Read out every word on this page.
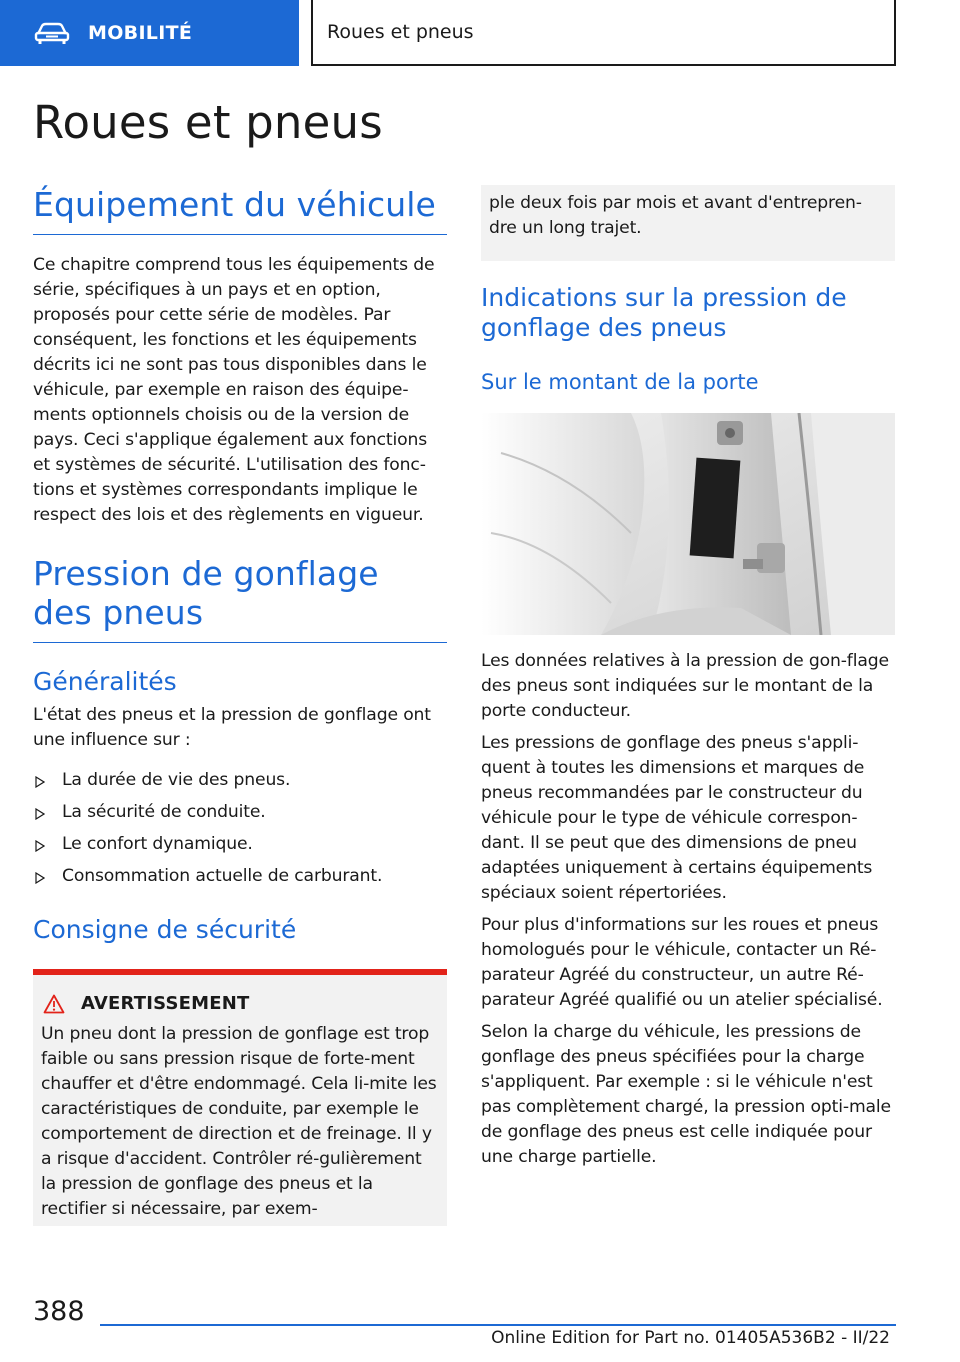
MOBILITÉ	Roues et pneus
Roues et pneus
Équipement du véhicule

Ce chapitre comprend tous les équipements de série, spécifiques à un pays et en option, proposés pour cette série de modèles. Par conséquent, les fonctions et les équipements décrits ici ne sont pas tous disponibles dans le véhicule, par exemple en raison des équipe-ments optionnels choisis ou de la version de pays. Ceci s'applique également aux fonctions et systèmes de sécurité. L'utilisation des fonc-tions et systèmes correspondants implique le respect des lois et des règlements en vigueur.

Pression de gonflage des pneus
Généralités

L'état des pneus et la pression de gonflage ont une influence sur :

La durée de vie des pneus.
La sécurité de conduite.
Le confort dynamique.
Consommation actuelle de carburant.
Consigne de sécurité
AVERTISSEMENT

Un pneu dont la pression de gonflage est trop faible ou sans pression risque de forte-ment chauffer et d'être endommagé. Cela li-mite les caractéristiques de conduite, par exemple le comportement de direction et de freinage. Il y a risque d'accident. Contrôler ré-gulièrement la pression de gonflage des pneus et la rectifier si nécessaire, par exem-

ple deux fois par mois et avant d'entrepren-dre un long trajet.

Indications sur la pression de gonflage des pneus
Sur le montant de la porte

Les données relatives à la pression de gon-flage des pneus sont indiquées sur le montant de la porte conducteur.

Les pressions de gonflage des pneus s'appli-quent à toutes les dimensions et marques de pneus recommandées par le constructeur du véhicule pour le type de véhicule correspon-dant. Il se peut que des dimensions de pneu adaptées uniquement à certains équipements spéciaux soient répertoriées.

Pour plus d'informations sur les roues et pneus homologués pour le véhicule, contacter un Ré-parateur Agréé du constructeur, un autre Ré-parateur Agréé qualifié ou un atelier spécialisé.

Selon la charge du véhicule, les pressions de gonflage des pneus spécifiées pour la charge s'appliquent. Par exemple : si le véhicule n'est pas complètement chargé, la pression opti-male de gonflage des pneus est celle indiquée pour une charge partielle.

388
Online Edition for Part no. 01405A536B2 - II/22
